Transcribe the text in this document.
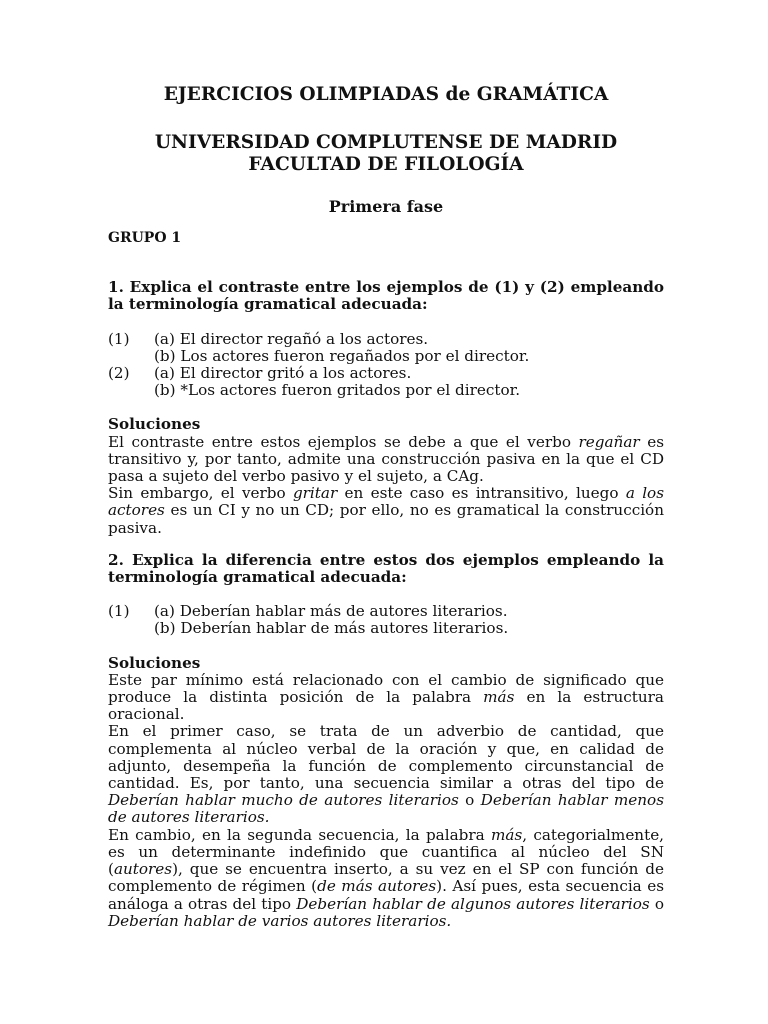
EJERCICIOS OLIMPIADAS de GRAMÁTICA

UNIVERSIDAD COMPLUTENSE DE MADRID
FACULTAD DE FILOLOGÍA

Primera fase

GRUPO 1

1. Explica el contraste entre los ejemplos de (1) y (2) empleando la terminología gramatical adecuada:

(1)	(a) El director regañó a los actores.
(b) Los actores fueron regañados por el director.
(2)	(a) El director gritó a los actores.
(b) *Los actores fueron gritados por el director.

Soluciones

El contraste entre estos ejemplos se debe a que el verbo regañar es transitivo y, por tanto, admite una construcción pasiva en la que el CD pasa a sujeto del verbo pasivo y el sujeto, a CAg.

Sin embargo, el verbo gritar en este caso es intransitivo, luego a los actores es un CI y no un CD; por ello, no es gramatical la construcción pasiva.

2. Explica la diferencia entre estos dos ejemplos empleando la terminología gramatical adecuada:

(1)	(a) Deberían hablar más de autores literarios.
(b) Deberían hablar de más autores literarios.

Soluciones

Este par mínimo está relacionado con el cambio de significado que produce la distinta posición de la palabra más en la estructura oracional.

En el primer caso, se trata de un adverbio de cantidad, que complementa al núcleo verbal de la oración y que, en calidad de adjunto, desempeña la función de complemento circunstancial de cantidad. Es, por tanto, una secuencia similar a otras del tipo de Deberían hablar mucho de autores literarios o Deberían hablar menos de autores literarios.

En cambio, en la segunda secuencia, la palabra más, categorialmente, es un determinante indefinido que cuantifica al núcleo del SN (autores), que se encuentra inserto, a su vez en el SP con función de complemento de régimen (de más autores). Así pues, esta secuencia es análoga a otras del tipo Deberían hablar de algunos autores literarios o Deberían hablar de varios autores literarios.
